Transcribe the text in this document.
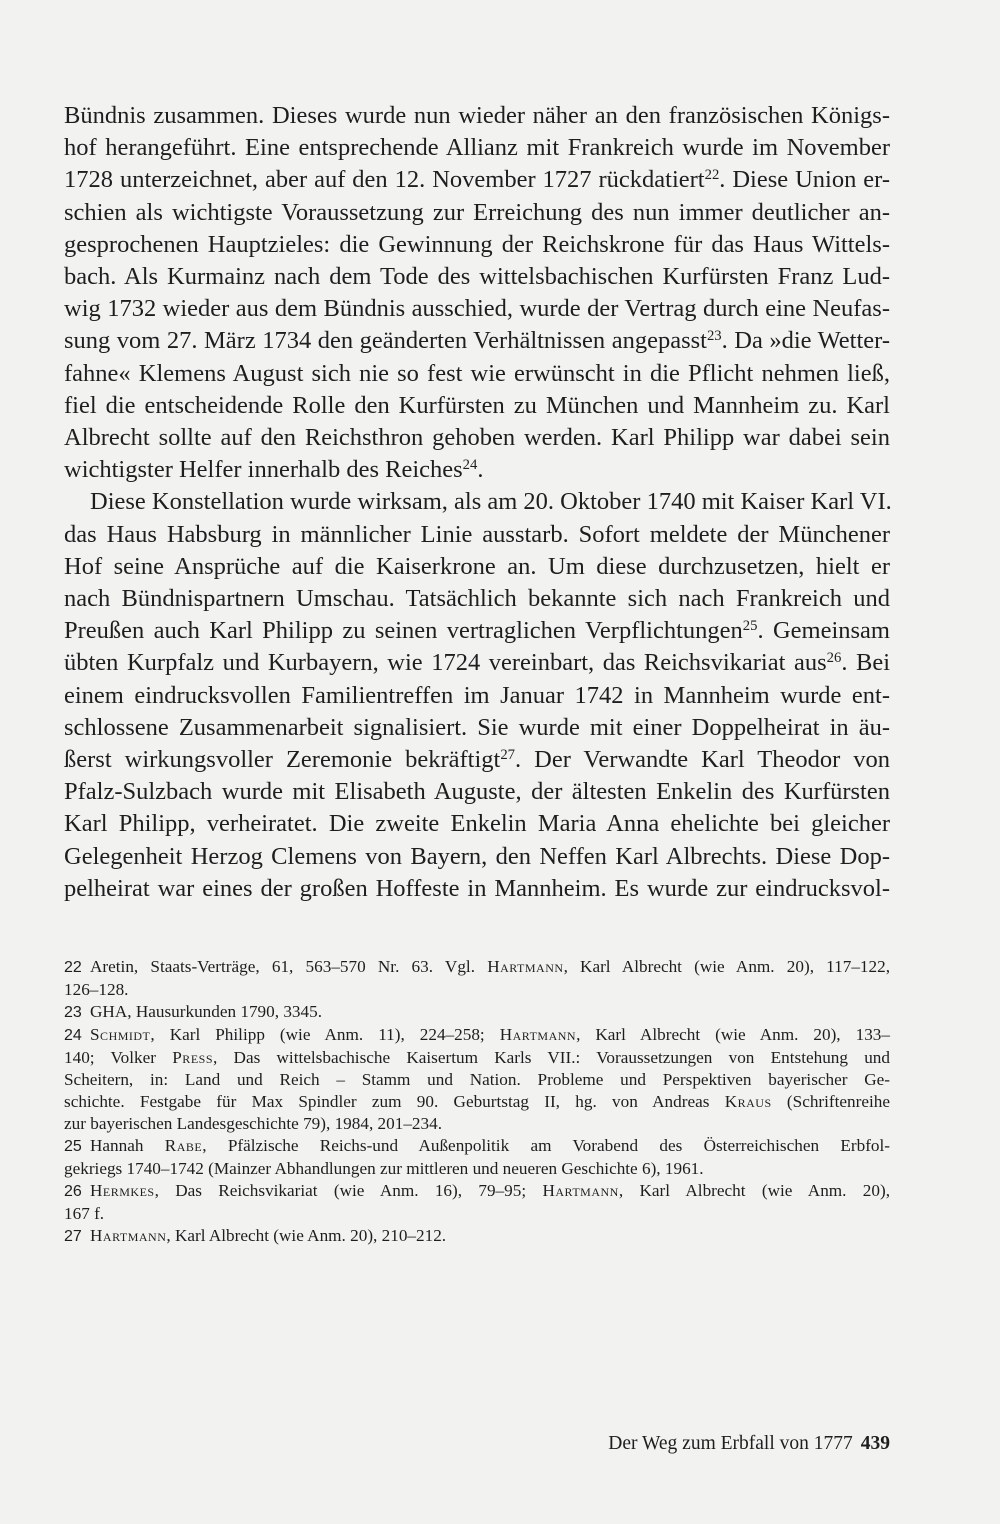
Bündnis zusammen. Dieses wurde nun wieder näher an den französischen Königs-
hof herangeführt. Eine entsprechende Allianz mit Frankreich wurde im November
1728 unterzeichnet, aber auf den 12. November 1727 rückdatiert$^{22}$. Diese Union er-
schien als wichtigste Voraussetzung zur Erreichung des nun immer deutlicher an-
gesprochenen Hauptzieles: die Gewinnung der Reichskrone für das Haus Wittels-
bach. Als Kurmainz nach dem Tode des wittelsbachischen Kurfürsten Franz Lud-
wig 1732 wieder aus dem Bündnis ausschied, wurde der Vertrag durch eine Neufas-
sung vom 27. März 1734 den geänderten Verhältnissen angepasst$^{23}$. Da »die Wetter-
fahne« Klemens August sich nie so fest wie erwünscht in die Pflicht nehmen ließ,
fiel die entscheidende Rolle den Kurfürsten zu München und Mannheim zu. Karl
Albrecht sollte auf den Reichsthron gehoben werden. Karl Philipp war dabei sein
wichtigster Helfer innerhalb des Reiches$^{24}$.

Diese Konstellation wurde wirksam, als am 20. Oktober 1740 mit Kaiser Karl VI.
das Haus Habsburg in männlicher Linie ausstarb. Sofort meldete der Münchener
Hof seine Ansprüche auf die Kaiserkrone an. Um diese durchzusetzen, hielt er
nach Bündnispartnern Umschau. Tatsächlich bekannte sich nach Frankreich und
Preußen auch Karl Philipp zu seinen vertraglichen Verpflichtungen$^{25}$. Gemeinsam
übten Kurpfalz und Kurbayern, wie 1724 vereinbart, das Reichsvikariat aus$^{26}$. Bei
einem eindrucksvollen Familientreffen im Januar 1742 in Mannheim wurde ent-
schlossene Zusammenarbeit signalisiert. Sie wurde mit einer Doppelheirat in äu-
ßerst wirkungsvoller Zeremonie bekräftigt$^{27}$. Der Verwandte Karl Theodor von
Pfalz-Sulzbach wurde mit Elisabeth Auguste, der ältesten Enkelin des Kurfürsten
Karl Philipp, verheiratet. Die zweite Enkelin Maria Anna ehelichte bei gleicher
Gelegenheit Herzog Clemens von Bayern, den Neffen Karl Albrechts. Diese Dop-
pelheirat war eines der großen Hoffeste in Mannheim. Es wurde zur eindrucksvol-

22 Aretin, Staats-Verträge, 61, 563–570 Nr. 63. Vgl. Hartmann, Karl Albrecht (wie Anm. 20), 117–122,
126–128.
23 GHA, Hausurkunden 1790, 3345.
24 Schmidt, Karl Philipp (wie Anm. 11), 224–258; Hartmann, Karl Albrecht (wie Anm. 20), 133–
140; Volker Press, Das wittelsbachische Kaisertum Karls VII.: Voraussetzungen von Entstehung und
Scheitern, in: Land und Reich – Stamm und Nation. Probleme und Perspektiven bayerischer Ge-
schichte. Festgabe für Max Spindler zum 90. Geburtstag II, hg. von Andreas Kraus (Schriftenreihe
zur bayerischen Landesgeschichte 79), 1984, 201–234.
25 Hannah Rabe, Pfälzische Reichs-und Außenpolitik am Vorabend des Österreichischen Erbfol-
gekriegs 1740–1742 (Mainzer Abhandlungen zur mittleren und neueren Geschichte 6), 1961.
26 Hermkes, Das Reichsvikariat (wie Anm. 16), 79–95; Hartmann, Karl Albrecht (wie Anm. 20),
167 f.
27 Hartmann, Karl Albrecht (wie Anm. 20), 210–212.
Der Weg zum Erbfall von 1777 439
